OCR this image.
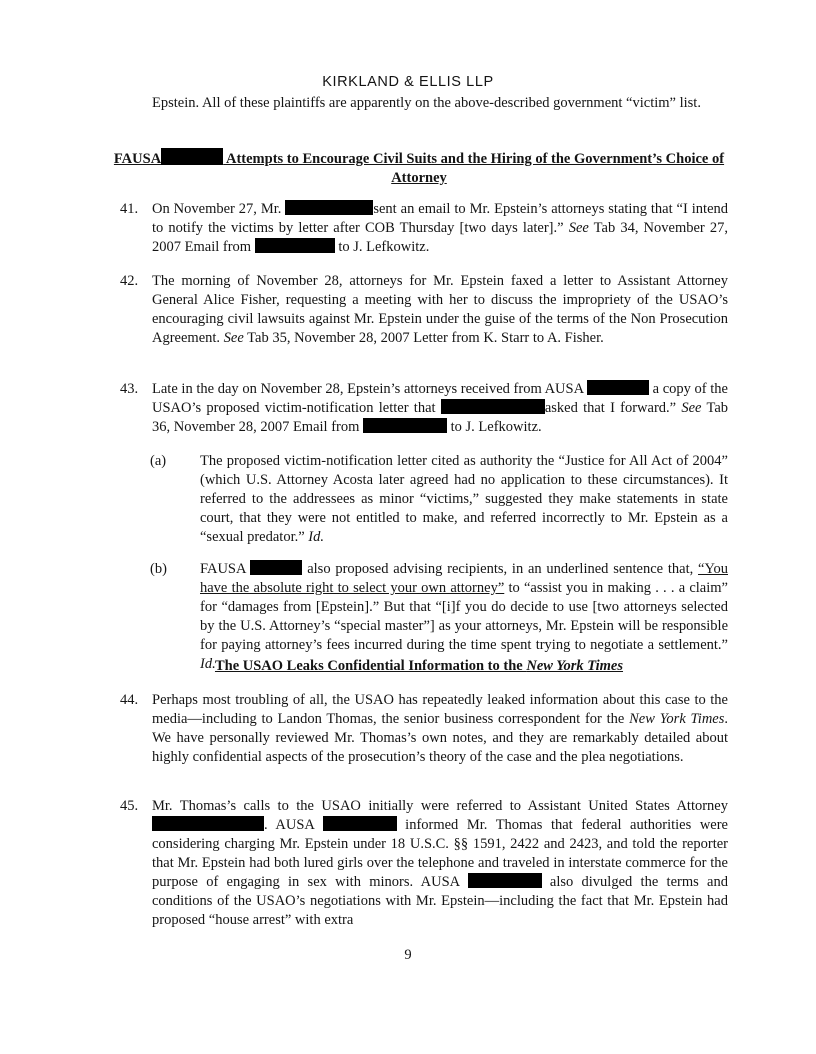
KIRKLAND & ELLIS LLP

Epstein. All of these plaintiffs are apparently on the above-described government “victim” list.

FAUSA	Attempts to Encourage Civil Suits and the Hiring of the Government’s Choice of Attorney
41. On November 27, Mr.	sent an email to Mr. Epstein’s attorneys stating that “I intend to notify the victims by letter after COB Thursday [two days later].” See Tab 34, November 27, 2007 Email from	to J. Lefkowitz.

42. The morning of November 28, attorneys for Mr. Epstein faxed a letter to Assistant Attorney General Alice Fisher, requesting a meeting with her to discuss the impropriety of the USAO’s encouraging civil lawsuits against Mr. Epstein under the guise of the terms of the Non Prosecution Agreement. See Tab 35, November 28, 2007 Letter from K. Starr to A. Fisher.

43. Late in the day on November 28, Epstein’s attorneys received from AUSA	a copy of the USAO’s proposed victim-notification letter that	asked that I forward.” See Tab 36, November 28, 2007 Email from	to J. Lefkowitz.

(a) The proposed victim-notification letter cited as authority the “Justice for All Act of 2004” (which U.S. Attorney Acosta later agreed had no application to these circumstances). It referred to the addressees as minor “victims,” suggested they make statements in state court, that they were not entitled to make, and referred incorrectly to Mr. Epstein as a “sexual predator.” Id.

(b) FAUSA	also proposed advising recipients, in an underlined sentence that, “You have the absolute right to select your own attorney” to “assist you in making . . . a claim” for “damages from [Epstein].” But that “[i]f you do decide to use [two attorneys selected by the U.S. Attorney’s “special master”] as your attorneys, Mr. Epstein will be responsible for paying attorney’s fees incurred during the time spent trying to negotiate a settlement.” Id. The USAO Leaks Confidential Information to the New York Times
44. Perhaps most troubling of all, the USAO has repeatedly leaked information about this case to the media—including to Landon Thomas, the senior business correspondent for the New York Times. We have personally reviewed Mr. Thomas’s own notes, and they are remarkably detailed about highly confidential aspects of the prosecution’s theory of the case and the plea negotiations.

45. Mr. Thomas’s calls to the USAO initially were referred to Assistant United States Attorney . AUSA	informed Mr. Thomas that federal authorities were considering charging Mr. Epstein under 18 U.S.C. §§ 1591, 2422 and 2423, and told the reporter that Mr. Epstein had both lured girls over the telephone and traveled in interstate commerce for the purpose of engaging in sex with minors. AUSA	also divulged the terms and conditions of the USAO’s negotiations with Mr. Epstein—including the fact that Mr. Epstein had proposed “house arrest” with extra

9
